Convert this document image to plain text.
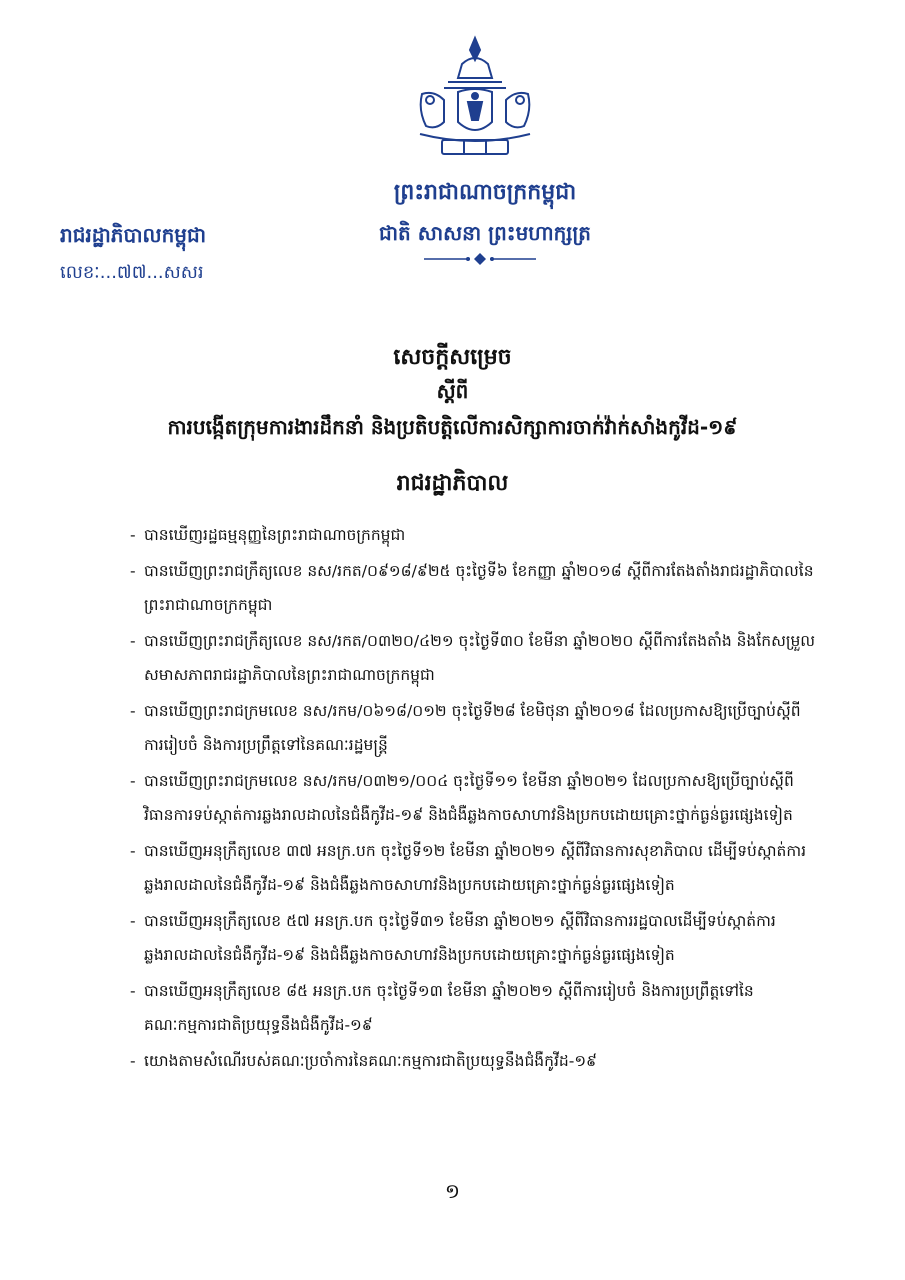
ព្រះរាជាណាចក្រកម្ពុជា
ជាតិ សាសនា ព្រះមហាក្សត្រ
រាជរដ្ឋាភិបាលកម្ពុជា
លេខៈ...៧៧...សសរ
សេចក្តីសម្រេច
ស្តីពី
ការបង្កើតក្រុមការងារដឹកនាំ និងប្រតិបត្តិលើការសិក្សាការចាក់វ៉ាក់សាំងកូវីដ-១៩
រាជរដ្ឋាភិបាល
- បានឃើញរដ្ឋធម្មនុញ្ញនៃព្រះរាជាណាចក្រកម្ពុជា
- បានឃើញព្រះរាជក្រឹត្យលេខ នស/រកត/០៩១៨/៩២៥ ចុះថ្ងៃទី៦ ខែកញ្ញា ឆ្នាំ២០១៨ ស្តីពីការតែងតាំងរាជរដ្ឋាភិបាលនៃព្រះរាជាណាចក្រកម្ពុជា
- បានឃើញព្រះរាជក្រឹត្យលេខ នស/រកត/០៣២០/៤២១ ចុះថ្ងៃទី៣០ ខែមីនា ឆ្នាំ២០២០ ស្តីពីការតែងតាំង និងកែសម្រួលសមាសភាពរាជរដ្ឋាភិបាលនៃព្រះរាជាណាចក្រកម្ពុជា
- បានឃើញព្រះរាជក្រមលេខ នស/រកម/០៦១៨/០១២ ចុះថ្ងៃទី២៨ ខែមិថុនា ឆ្នាំ២០១៨ ដែលប្រកាសឱ្យប្រើច្បាប់ស្តីពីការរៀបចំ និងការប្រព្រឹត្តទៅនៃគណៈរដ្ឋមន្ត្រី
- បានឃើញព្រះរាជក្រមលេខ នស/រកម/០៣២១/០០៤ ចុះថ្ងៃទី១១ ខែមីនា ឆ្នាំ២០២១ ដែលប្រកាសឱ្យប្រើច្បាប់ស្តីពីវិធានការទប់ស្កាត់ការឆ្លងរាលដាលនៃជំងឺកូវីដ-១៩ និងជំងឺឆ្លងកាចសាហាវនិងប្រកបដោយគ្រោះថ្នាក់ធ្ងន់ធ្ងរផ្សេងទៀត
- បានឃើញអនុក្រឹត្យលេខ ៣៧ អនក្រ.បក ចុះថ្ងៃទី១២ ខែមីនា ឆ្នាំ២០២១ ស្តីពីវិធានការសុខាភិបាល ដើម្បីទប់ស្កាត់ការឆ្លងរាលដាលនៃជំងឺកូវីដ-១៩ និងជំងឺឆ្លងកាចសាហាវនិងប្រកបដោយគ្រោះថ្នាក់ធ្ងន់ធ្ងរផ្សេងទៀត
- បានឃើញអនុក្រឹត្យលេខ ៥៧ អនក្រ.បក ចុះថ្ងៃទី៣១ ខែមីនា ឆ្នាំ២០២១ ស្តីពីវិធានការរដ្ឋបាលដើម្បីទប់ស្កាត់ការឆ្លងរាលដាលនៃជំងឺកូវីដ-១៩ និងជំងឺឆ្លងកាចសាហាវនិងប្រកបដោយគ្រោះថ្នាក់ធ្ងន់ធ្ងរផ្សេងទៀត
- បានឃើញអនុក្រឹត្យលេខ ៨៥ អនក្រ.បក ចុះថ្ងៃទី១៣ ខែមីនា ឆ្នាំ២០២១ ស្តីពីការរៀបចំ និងការប្រព្រឹត្តទៅនៃគណៈកម្មការជាតិប្រយុទ្ធនឹងជំងឺកូវីដ-១៩
- យោងតាមសំណើរបស់គណៈប្រចាំការនៃគណៈកម្មការជាតិប្រយុទ្ធនឹងជំងឺកូវីដ-១៩
១
